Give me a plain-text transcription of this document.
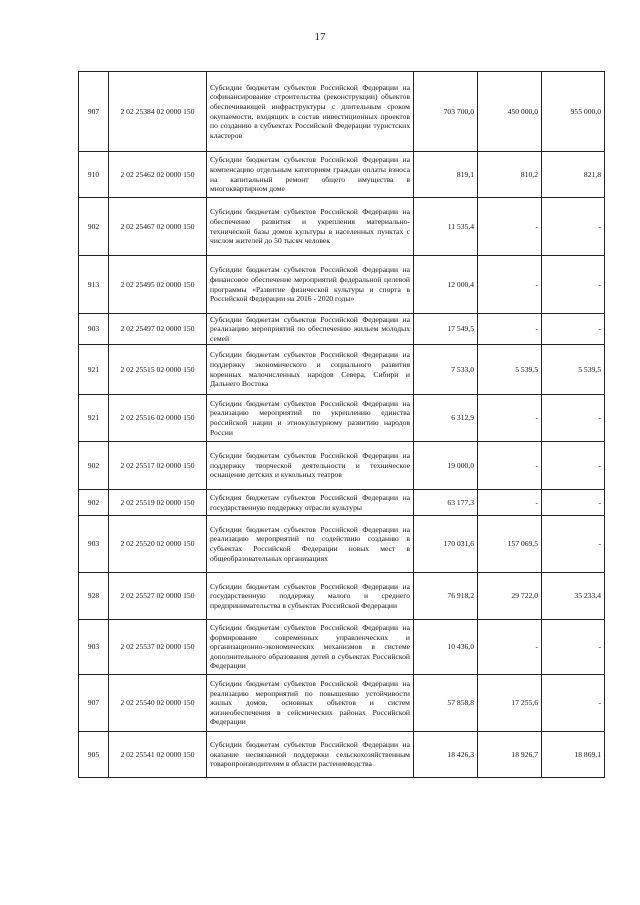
17
907	2 02 25384 02 0000 150	Субсидии бюджетам субъектов Российской Федерации на софинансирование строительства (реконструкции) объектов обеспечивающей инфраструктуры с длительным сроком окупаемости, входящих в состав инвестиционных проектов по созданию в субъектах Российской Федерации туристских кластеров	703 700,0	450 000,0	955 000,0
910	2 02 25462 02 0000 150	Субсидии бюджетам субъектов Российской Федерации на компенсацию отдельным категориям граждан оплаты взноса на капитальный ремонт общего имущества в многоквартирном доме	819,1	810,2	821,8
902	2 02 25467 02 0000 150	Субсидии бюджетам субъектов Российской Федерации на обеспечение развития и укрепления материально-технической базы домов культуры в населенных пунктах с числом жителей до 50 тысяч человек	11 535,4	-	-
913	2 02 25495 02 0000 150	Субсидии бюджетам субъектов Российской Федерации на финансовое обеспечение мероприятий федеральной целевой программы «Развитие физической культуры и спорта в Российской Федерации на 2016 - 2020 годы»	12 000,4	-	-
903	2 02 25497 02 0000 150	Субсидии бюджетам субъектов Российской Федерации на реализацию мероприятий по обеспечению жильем молодых семей	17 549,5	-	-
921	2 02 25515 02 0000 150	Субсидии бюджетам субъектов Российской Федерации на поддержку экономического и социального развития коренных малочисленных народов Севера, Сибири и Дальнего Востока	7 533,0	5 539,5	5 539,5
921	2 02 25516 02 0000 150	Субсидии бюджетам субъектов Российской Федерации на реализацию мероприятий по укреплению единства российской нации и этнокультурному развитию народов России	6 312,9	-	-
902	2 02 25517 02 0000 150	Субсидии бюджетам субъектов Российской Федерации на поддержку творческой деятельности и техническое оснащение детских и кукольных театров	19 000,0	-	-
902	2 02 25519 02 0000 150	Субсидия бюджетам субъектов Российской Федерации на государственную поддержку отрасли культуры	63 177,3	-	-
903	2 02 25520 02 0000 150	Субсидии бюджетам субъектов Российской Федерации на реализацию мероприятий по содействию созданию в субъектах Российской Федерации новых мест в общеобразовательных организациях	170 031,6	157 069,5	-
928	2 02 25527 02 0000 150	Субсидии бюджетам субъектов Российской Федерации на государственную поддержку малого и среднего предпринимательства в субъектах Российской Федерации	76 918,2	29 722,0	35 233,4
903	2 02 25537 02 0000 150	Субсидии бюджетам субъектов Российской Федерации на формирование современных управленческих и организационно-экономических механизмов в системе дополнительного образования детей в субъектах Российской Федерации	10 436,0	-	-
907	2 02 25540 02 0000 150	Субсидии бюджетам субъектов Российской Федерации на реализацию мероприятий по повышению устойчивости жилых домов, основных объектов и систем жизнеобеспечения в сейсмических районах Российской Федерации	57 858,8	17 255,6	-
905	2 02 25541 02 0000 150	Субсидии бюджетам субъектов Российской Федерации на оказание несвязанной поддержки сельскохозяйственным товаропроизводителям в области растениеводства	18 426,3	18 926,7	18 869,1
